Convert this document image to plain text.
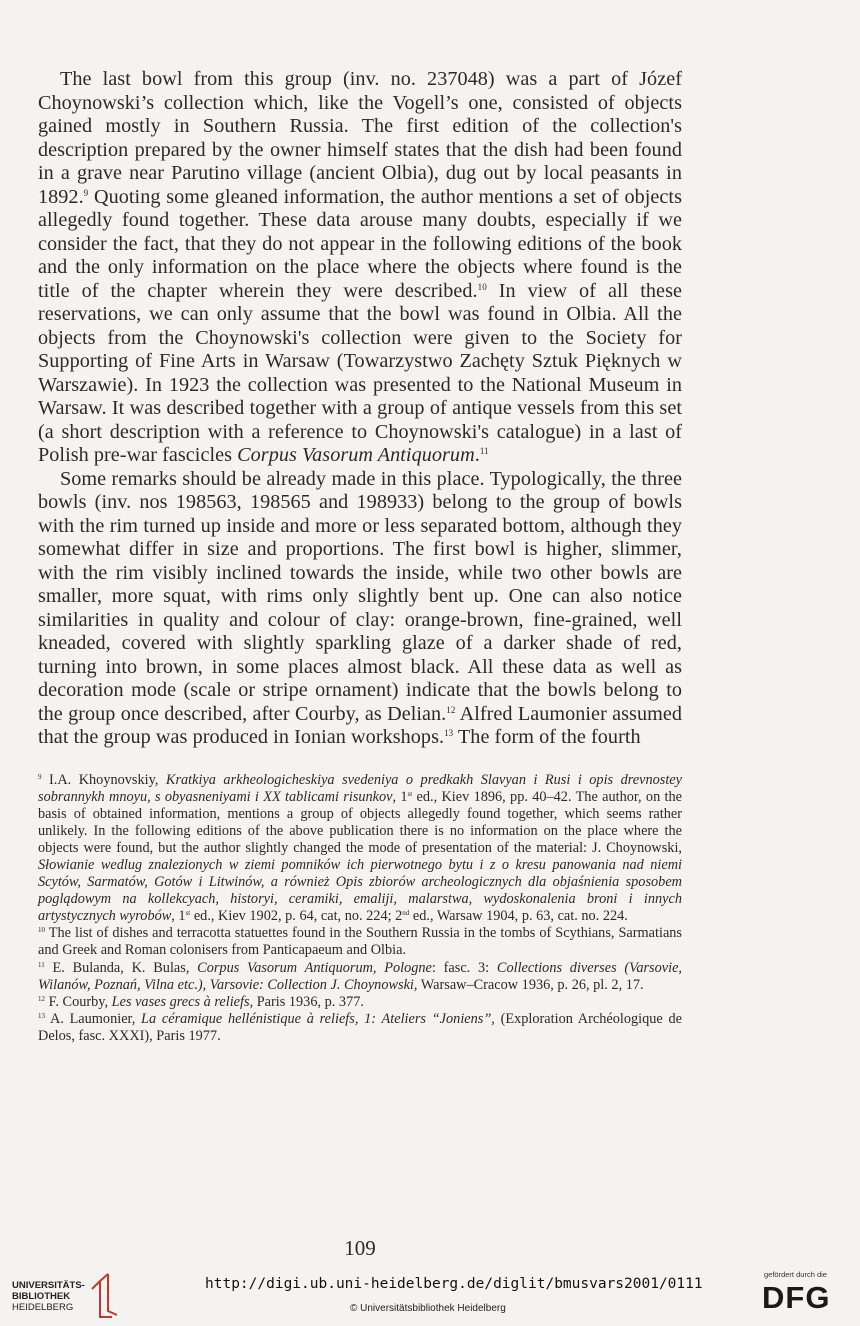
The last bowl from this group (inv. no. 237048) was a part of Józef Choynowski’s collection which, like the Vogell’s one, consisted of objects gained mostly in Southern Russia. The first edition of the collection's description prepared by the owner himself states that the dish had been found in a grave near Parutino village (ancient Olbia), dug out by local peasants in 1892.$^9$ Quoting some gleaned information, the author mentions a set of objects allegedly found together. These data arouse many doubts, especially if we consider the fact, that they do not appear in the following editions of the book and the only information on the place where the objects where found is the title of the chapter wherein they were described.$^{10}$ In view of all these reservations, we can only assume that the bowl was found in Olbia. All the objects from the Choynowski's collection were given to the Society for Supporting of Fine Arts in Warsaw (Towarzystwo Zachęty Sztuk Pięknych w Warszawie). In 1923 the collection was presented to the National Museum in Warsaw. It was described together with a group of antique vessels from this set (a short description with a reference to Choynowski's catalogue) in a last of Polish pre-war fascicles Corpus Vasorum Antiquorum.$^{11}$

Some remarks should be already made in this place. Typologically, the three bowls (inv. nos 198563, 198565 and 198933) belong to the group of bowls with the rim turned up inside and more or less separated bottom, although they somewhat differ in size and proportions. The first bowl is higher, slimmer, with the rim visibly inclined towards the inside, while two other bowls are smaller, more squat, with rims only slightly bent up. One can also notice similarities in quality and colour of clay: orange-brown, fine-grained, well kneaded, covered with slightly sparkling glaze of a darker shade of red, turning into brown, in some places almost black. All these data as well as decoration mode (scale or stripe ornament) indicate that the bowls belong to the group once described, after Courby, as Delian.$^{12}$ Alfred Laumonier assumed that the group was produced in Ionian workshops.$^{13}$ The form of the fourth

$^9$ I.A. Khoynovskiy, Kratkiya arkheologicheskiya svedeniya o predkakh Slavyan i Rusi i opis drevnostey sobrannykh mnoyu, s obyasneniyami i XX tablicami risunkov, 1st ed., Kiev 1896, pp. 40–42. The author, on the basis of obtained information, mentions a group of objects allegedly found together, which seems rather unlikely. In the following editions of the above publication there is no information on the place where the objects were found, but the author slightly changed the mode of presentation of the material: J. Choynowski, Słowianie wedlug znalezionych w ziemi pomników ich pierwotnego bytu i z o kresu panowania nad niemi Scytów, Sarmatów, Gotów i Litwinów, a również Opis zbiorów archeologicznych dla objaśnienia sposobem poglądowym na kollekcyach, historyi, ceramiki, emaliji, malarstwa, wydoskonalenia broni i innych artystycznych wyrobów, 1st ed., Kiev 1902, p. 64, cat, no. 224; 2nd ed., Warsaw 1904, p. 63, cat. no. 224.

$^{10}$ The list of dishes and terracotta statuettes found in the Southern Russia in the tombs of Scythians, Sarmatians and Greek and Roman colonisers from Panticapaeum and Olbia.

$^{11}$ E. Bulanda, K. Bulas, Corpus Vasorum Antiquorum, Pologne: fasc. 3: Collections diverses (Varsovie, Wilanów, Poznań, Vilna etc.), Varsovie: Collection J. Choynowski, Warsaw–Cracow 1936, p. 26, pl. 2, 17.

$^{12}$ F. Courby, Les vases grecs à reliefs, Paris 1936, p. 377.

$^{13}$ A. Laumonier, La céramique hellénistique à reliefs, 1: Ateliers “Joniens”, (Exploration Archéologique de Delos, fasc. XXXI), Paris 1977.

109
UNIVERSITÄTS-
BIBLIOTHEK
HEIDELBERG
http://digi.ub.uni-heidelberg.de/diglit/bmusvars2001/0111
© Universitätsbibliothek Heidelberg
gefördert durch die
DFG
